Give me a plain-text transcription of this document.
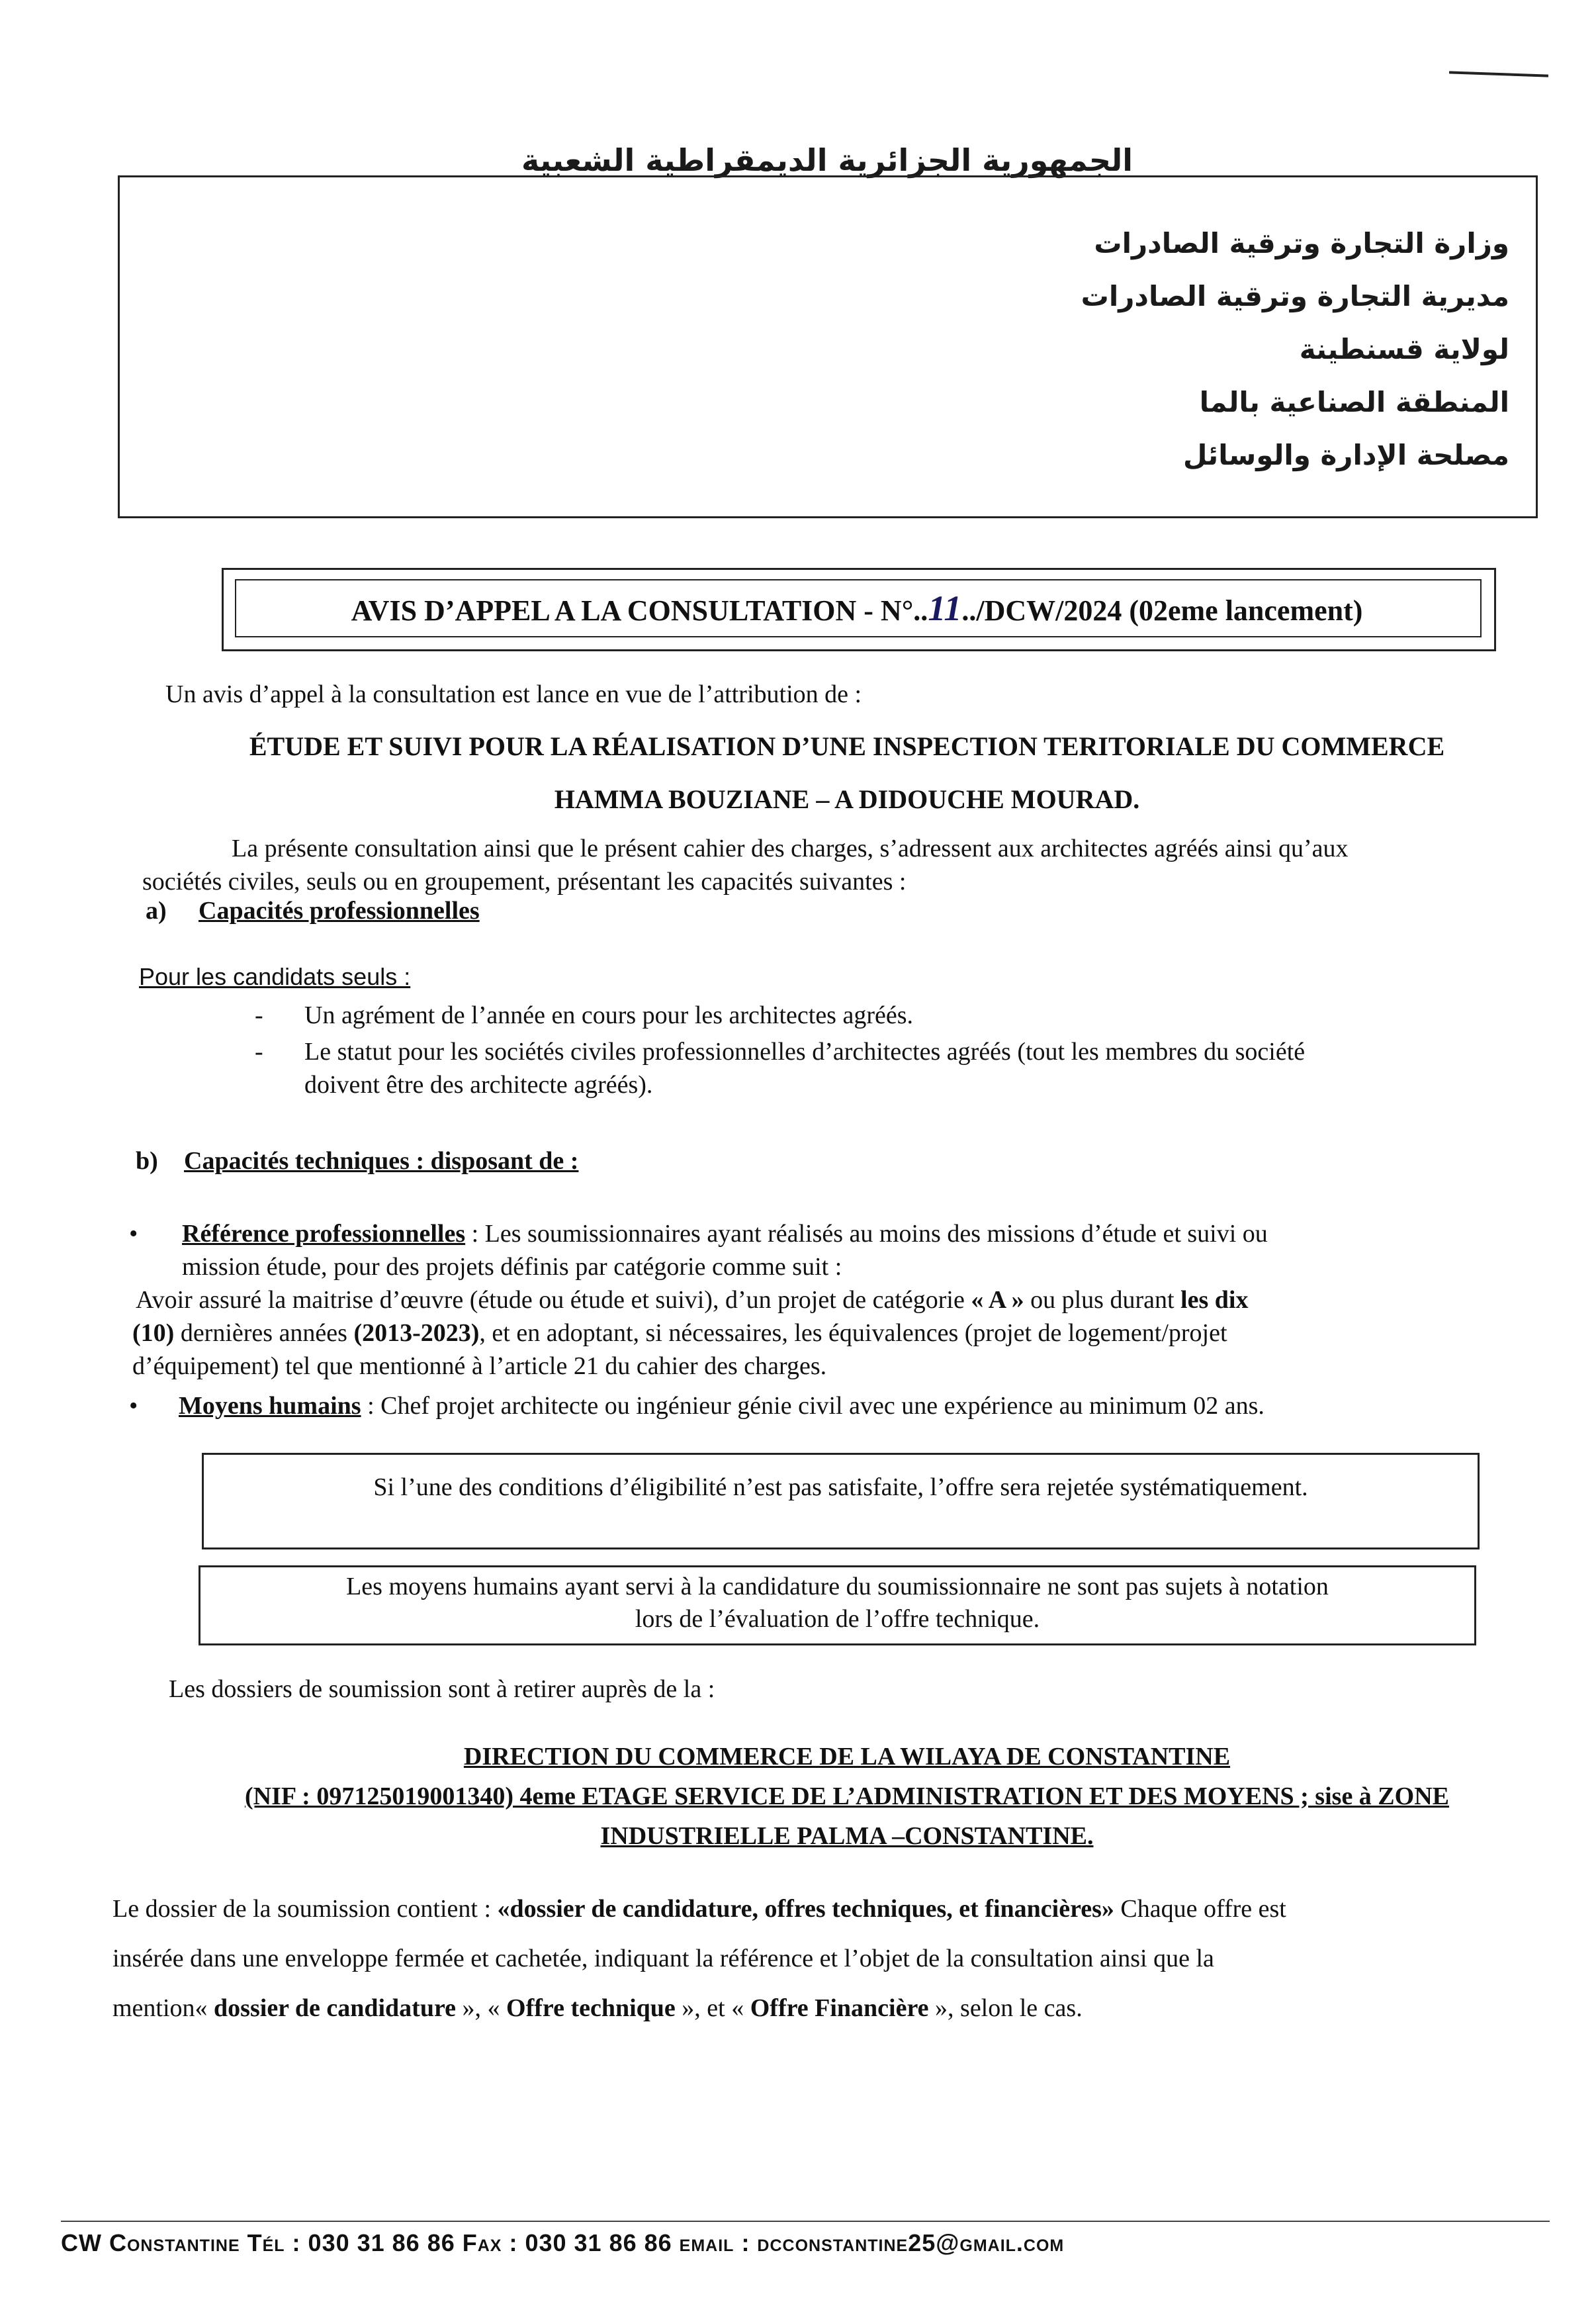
الجمهورية الجزائرية الديمقراطية الشعبية
وزارة التجارة وترقية الصادرات
مديرية التجارة وترقية الصادرات
لولاية قسنطينة
المنطقة الصناعية بالما
مصلحة الإدارة والوسائل
AVIS D’APPEL A LA CONSULTATION - N°..11../DCW/2024 (02eme lancement)
Un avis d’appel à la consultation est lance en vue de l’attribution de :
ÉTUDE ET SUIVI POUR LA RÉALISATION D’UNE INSPECTION TERITORIALE DU COMMERCE
HAMMA BOUZIANE – A DIDOUCHE MOURAD.
La présente consultation ainsi que le présent cahier des charges, s’adressent aux architectes agréés ainsi qu’aux
sociétés civiles, seuls ou en groupement, présentant les capacités suivantes :
a) Capacités professionnelles
Pour les candidats seuls :
- Un agrément de l’année en cours pour les architectes agréés.
- Le statut pour les sociétés civiles professionnelles d’architectes agréés (tout les membres du société
doivent être des architecte agréés).
b) Capacités techniques : disposant de :
• Référence professionnelles : Les soumissionnaires ayant réalisés au moins des missions d’étude et suivi ou
mission étude, pour des projets définis par catégorie comme suit :
Avoir assuré la maitrise d’œuvre (étude ou étude et suivi), d’un projet de catégorie « A » ou plus durant les dix
(10) dernières années (2013-2023), et en adoptant, si nécessaires, les équivalences (projet de logement/projet
d’équipement) tel que mentionné à l’article 21 du cahier des charges.
• Moyens humains : Chef projet architecte ou ingénieur génie civil avec une expérience au minimum 02 ans.
Si l’une des conditions d’éligibilité n’est pas satisfaite, l’offre sera rejetée systématiquement.
Les moyens humains ayant servi à la candidature du soumissionnaire ne sont pas sujets à notation
lors de l’évaluation de l’offre technique.
Les dossiers de soumission sont à retirer auprès de la :
DIRECTION DU COMMERCE DE LA WILAYA DE CONSTANTINE
(NIF : 097125019001340) 4eme ETAGE SERVICE DE L’ADMINISTRATION ET DES MOYENS ; sise à ZONE
INDUSTRIELLE PALMA –CONSTANTINE.
Le dossier de la soumission contient : «dossier de candidature, offres techniques, et financières» Chaque offre est
insérée dans une enveloppe fermée et cachetée, indiquant la référence et l’objet de la consultation ainsi que la
mention« dossier de candidature », « Offre technique », et « Offre Financière », selon le cas.
CW Constantine Tél : 030 31 86 86 Fax : 030 31 86 86 email : dcconstantine25@gmail.com
